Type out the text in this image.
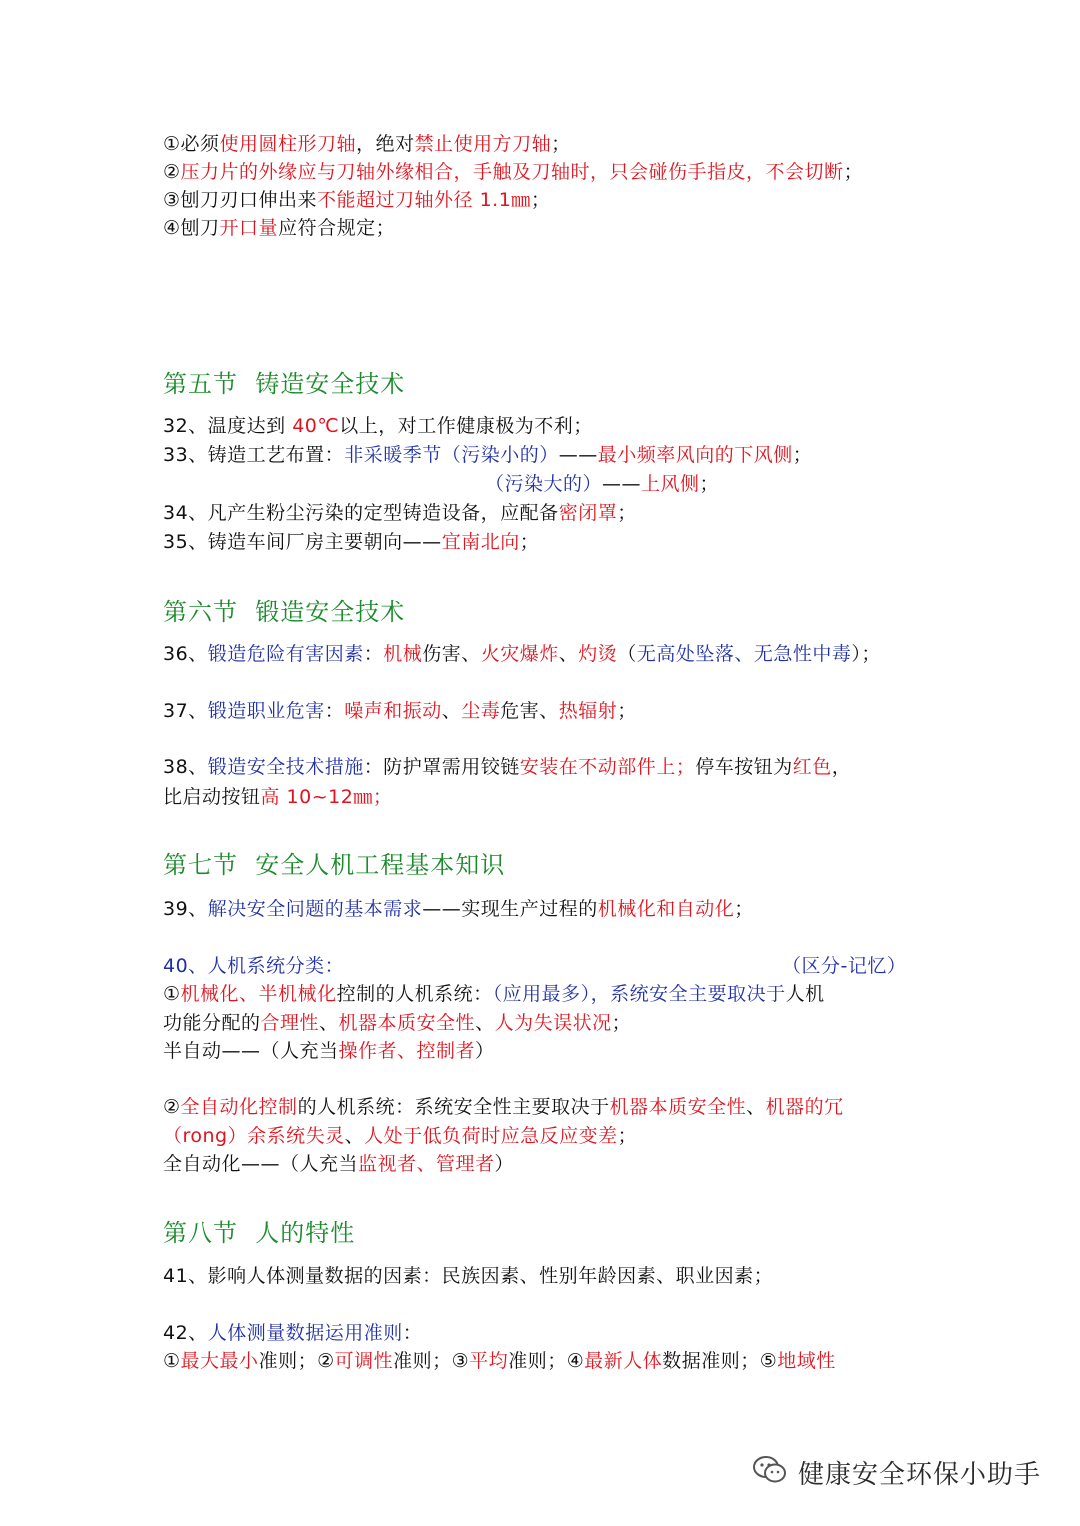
第五节  铸造安全技术
第六节  锻造安全技术
第七节  安全人机工程基本知识
第八节  人的特性
①必须使用圆柱形刀轴，绝对禁止使用方刀轴；
②压力片的外缘应与刀轴外缘相合，手触及刀轴时，只会碰伤手指皮，不会切断；
③刨刀刃口伸出来不能超过刀轴外径 1.1㎜；
④刨刀开口量应符合规定；
32、温度达到 40℃以上，对工作健康极为不利；
33、铸造工艺布置：非采暖季节（污染小的）——最小频率风向的下风侧；
（污染大的）——上风侧；
34、凡产生粉尘污染的定型铸造设备，应配备密闭罩；
35、铸造车间厂房主要朝向——宜南北向；
36、锻造危险有害因素：机械伤害、火灾爆炸、灼烫（无高处坠落、无急性中毒）；
37、锻造职业危害：噪声和振动、尘毒危害、热辐射；
38、锻造安全技术措施：防护罩需用铰链安装在不动部件上；停车按钮为红色，
比启动按钮高 10~12㎜；
39、解决安全问题的基本需求——实现生产过程的机械化和自动化；
40、人机系统分类：	（区分-记忆）
①机械化、半机械化控制的人机系统：（应用最多），系统安全主要取决于人机
功能分配的合理性、机器本质安全性、人为失误状况；
半自动——（人充当操作者、控制者）
②全自动化控制的人机系统：系统安全性主要取决于机器本质安全性、机器的冗
（rong）余系统失灵、人处于低负荷时应急反应变差；
全自动化——（人充当监视者、管理者）
41、影响人体测量数据的因素：民族因素、性别年龄因素、职业因素；
42、人体测量数据运用准则：
①最大最小准则；②可调性准则；③平均准则；④最新人体数据准则；⑤地域性
健康安全环保小助手
